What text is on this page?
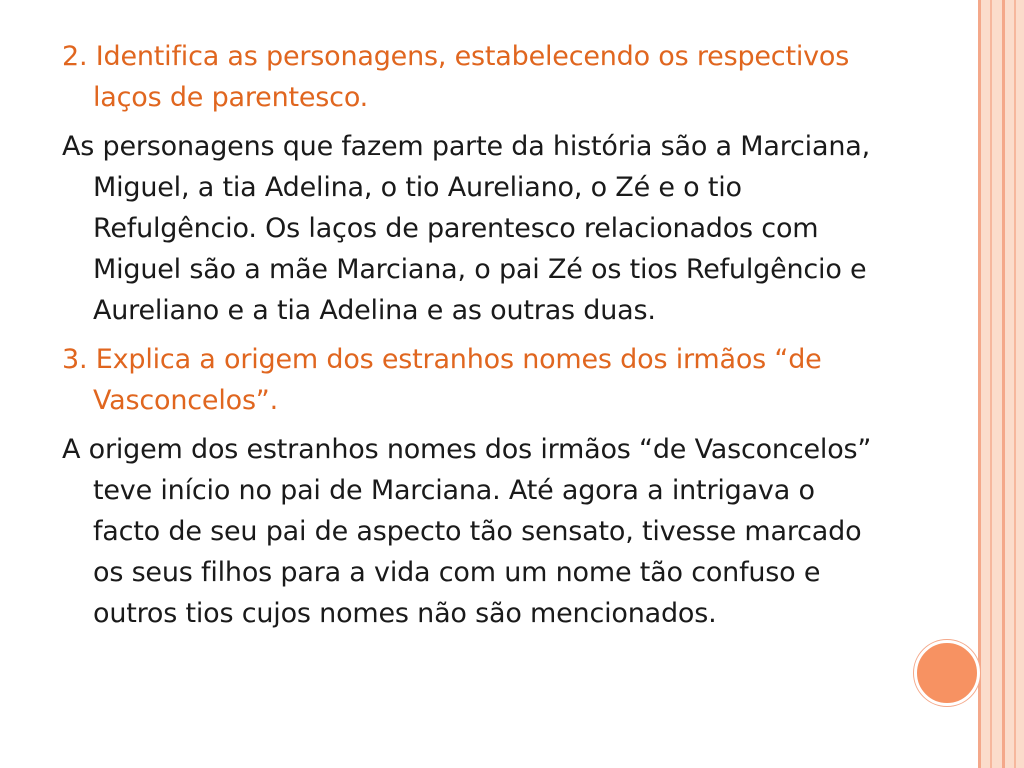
2. Identifica as personagens, estabelecendo os respectivos laços de parentesco.

As personagens que fazem parte da história são a Marciana, Miguel, a tia Adelina, o tio Aureliano, o Zé e o tio Refulgêncio. Os laços de parentesco relacionados com Miguel são a mãe Marciana, o pai Zé os tios Refulgêncio e Aureliano e a tia Adelina e as outras duas.

3. Explica a origem dos estranhos nomes dos irmãos “de Vasconcelos”.

A origem dos estranhos nomes dos irmãos “de Vasconcelos” teve início no pai de Marciana. Até agora a intrigava o facto de seu pai de aspecto tão sensato, tivesse marcado os seus filhos para a vida com um nome tão confuso e outros tios cujos nomes não são mencionados.
